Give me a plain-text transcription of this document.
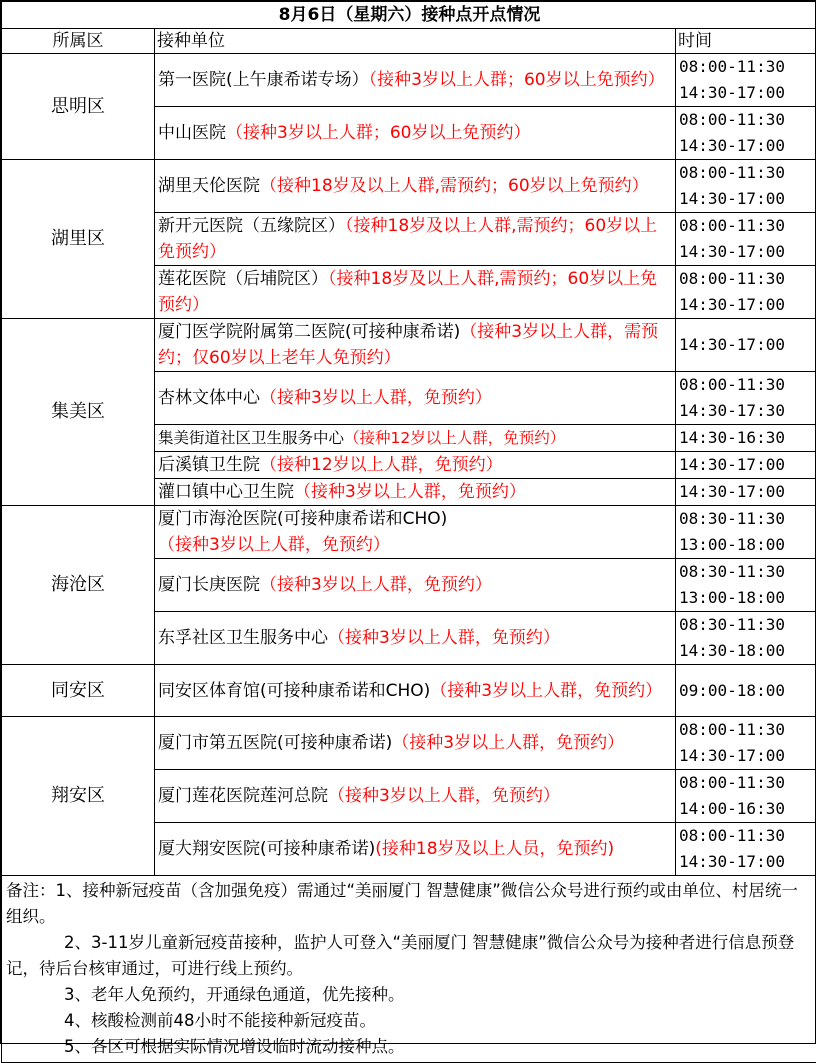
8月6日（星期六）接种点开点情况		
所属区	接种单位	时间
思明区	第一医院(上午康希诺专场）（接种3岁以上人群；60岁以上免预约）	08:00-11:30
14:30-17:00
	中山医院（接种3岁以上人群；60岁以上免预约）	08:00-11:30
14:30-17:00
湖里区	湖里天伦医院（接种18岁及以上人群,需预约；60岁以上免预约）	08:00-11:30
14:30-17:00
	新开元医院（五缘院区）（接种18岁及以上人群,需预约；60岁以上免预约）	08:00-11:30
14:30-17:00
	莲花医院（后埔院区）（接种18岁及以上人群,需预约；60岁以上免预约）	08:00-11:30
14:30-17:00
集美区	厦门医学院附属第二医院(可接种康希诺)（接种3岁以上人群，需预约；仅60岁以上老年人免预约）	14:30-17:00
	杏林文体中心（接种3岁以上人群，免预约）	08:00-11:30
14:30-17:30
	集美街道社区卫生服务中心（接种12岁以上人群，免预约）	14:30-16:30
	后溪镇卫生院（接种12岁以上人群，免预约）	14:30-17:00
	灌口镇中心卫生院（接种3岁以上人群，免预约）	14:30-17:00
海沧区	厦门市海沧医院(可接种康希诺和CHO)（接种3岁以上人群，免预约）	08:30-11:30
13:00-18:00
	厦门长庚医院（接种3岁以上人群，免预约）	08:30-11:30
13:00-18:00
	东孚社区卫生服务中心（接种3岁以上人群，免预约）	08:30-11:30
14:30-18:00
同安区	同安区体育馆(可接种康希诺和CHO)（接种3岁以上人群，免预约）	09:00-18:00
翔安区	厦门市第五医院(可接种康希诺)（接种3岁以上人群，免预约）	08:00-11:30
14:30-17:00
	厦门莲花医院莲河总院（接种3岁以上人群，免预约）	08:00-11:30
14:00-16:30
	厦大翔安医院(可接种康希诺)(接种18岁及以上人员，免预约)	08:00-11:30
14:30-17:00

备注：1、接种新冠疫苗（含加强免疫）需通过“美丽厦门 智慧健康”微信公众号进行预约或由单位、村居统一组织。
2、3-11岁儿童新冠疫苗接种，监护人可登入“美丽厦门 智慧健康”微信公众号为接种者进行信息预登记，待后台核审通过，可进行线上预约。
3、老年人免预约，开通绿色通道，优先接种。
4、核酸检测前48小时不能接种新冠疫苗。
5、各区可根据实际情况增设临时流动接种点。		
